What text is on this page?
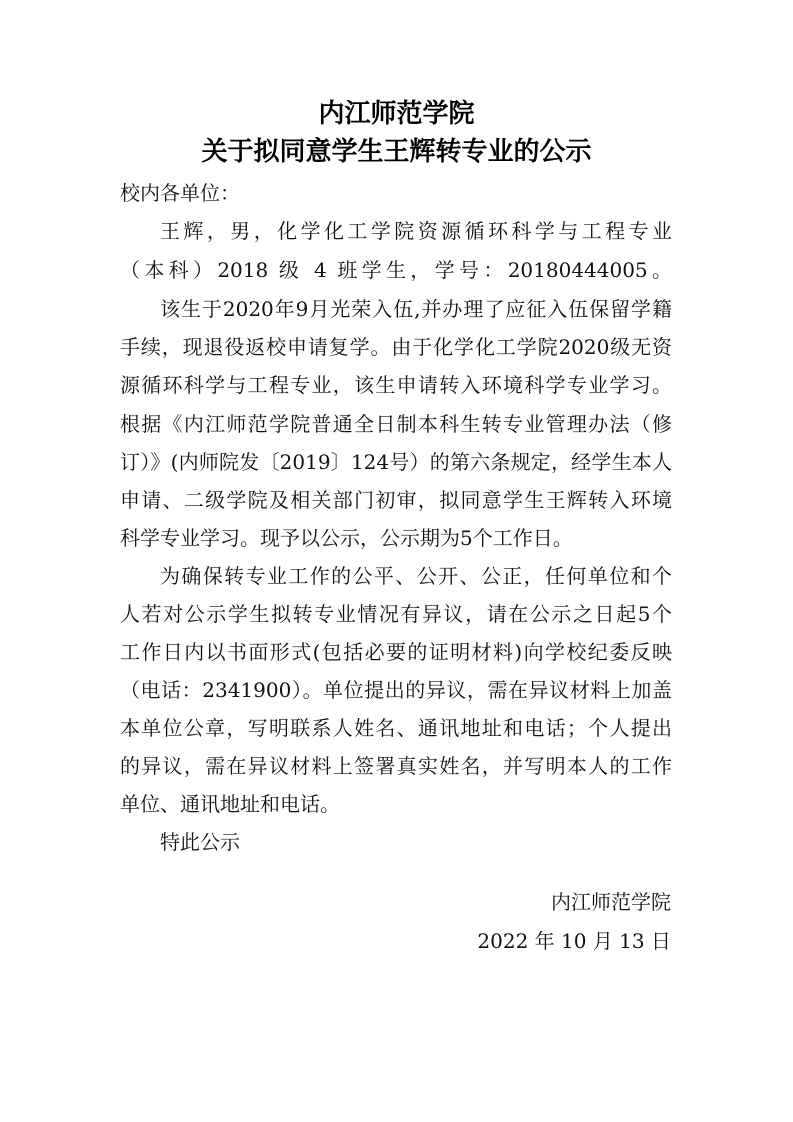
内江师范学院
关于拟同意学生王辉转专业的公示
校内各单位：
王辉，男，化学化工学院资源循环科学与工程专业
（本科）2018 级 4 班学生，学号：20180444005。
该生于2020年9月光荣入伍,并办理了应征入伍保留学籍
手续，现退役返校申请复学。由于化学化工学院2020级无资
源循环科学与工程专业，该生申请转入环境科学专业学习。
根据《内江师范学院普通全日制本科生转专业管理办法（修
订）》(内师院发〔2019〕124号）的第六条规定，经学生本人
申请、二级学院及相关部门初审，拟同意学生王辉转入环境
科学专业学习。现予以公示，公示期为5个工作日。
为确保转专业工作的公平、公开、公正，任何单位和个
人若对公示学生拟转专业情况有异议，请在公示之日起5个
工作日内以书面形式(包括必要的证明材料)向学校纪委反映
（电话：2341900）。单位提出的异议，需在异议材料上加盖
本单位公章，写明联系人姓名、通讯地址和电话；个人提出
的异议，需在异议材料上签署真实姓名，并写明本人的工作
单位、通讯地址和电话。
特此公示
内江师范学院
2022 年 10 月 13 日
